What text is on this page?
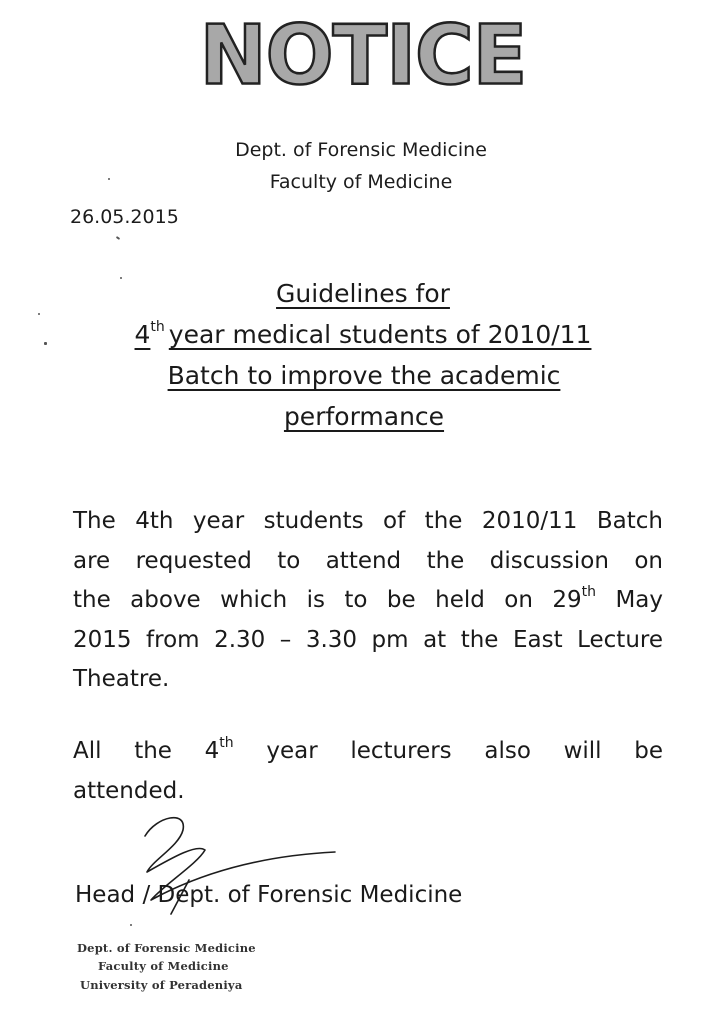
NOTICE
Dept. of Forensic Medicine
Faculty of Medicine
26.05.2015
Guidelines for
4th year medical students of 2010/11
Batch to improve the academic
performance
The 4th year students of the 2010/11 Batch
are requested to attend the discussion on
the above which is to be held on 29th May
2015 from 2.30 – 3.30 pm at the East Lecture
Theatre.
All the 4th year lecturers also will be
attended.
Head / Dept. of Forensic Medicine
Dept. of Forensic Medicine
Faculty of Medicine
University of Peradeniya
